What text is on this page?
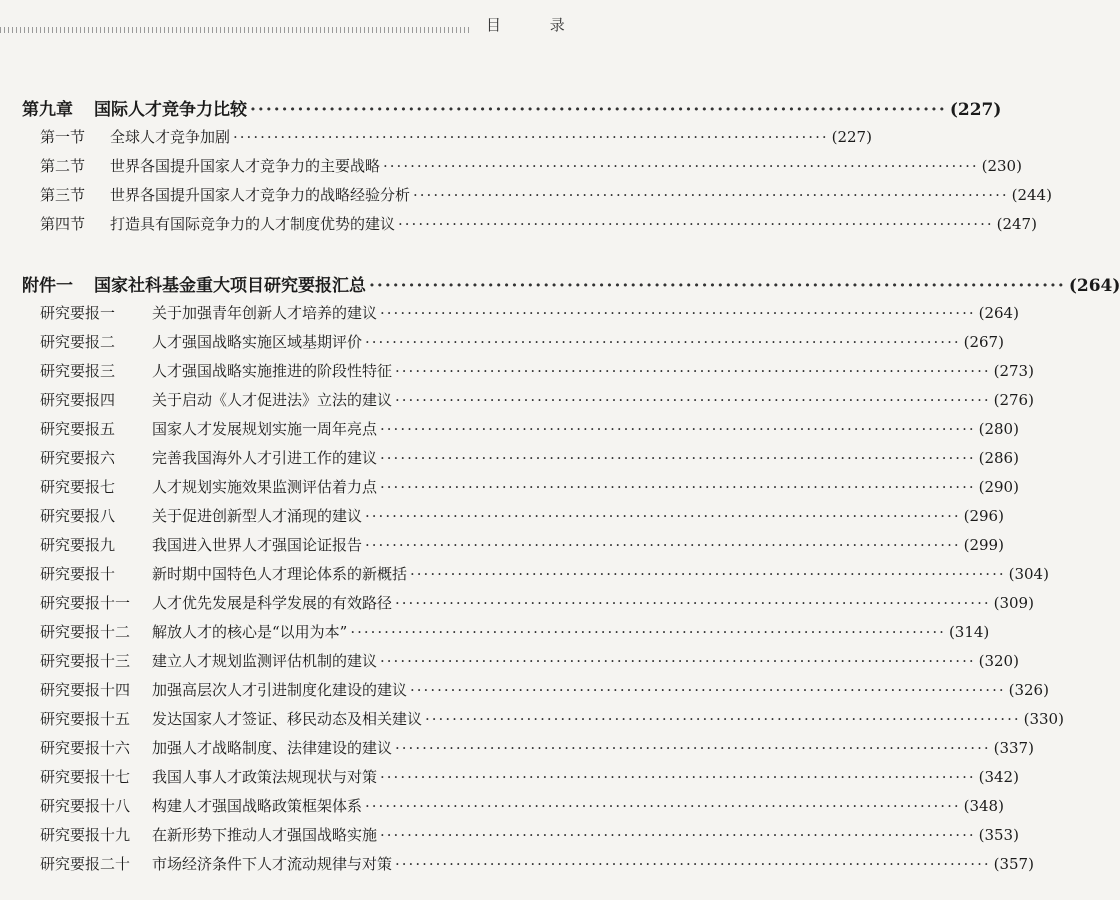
目 录
第九章	国际人才竞争力比较 ························································································ (227)
第一节	全球人才竞争加剧 ························································································ (227)
第二节	世界各国提升国家人才竞争力的主要战略 ························································································ (230)
第三节	世界各国提升国家人才竞争力的战略经验分析 ························································································ (244)
第四节	打造具有国际竞争力的人才制度优势的建议 ························································································ (247)
附件一	国家社科基金重大项目研究要报汇总 ························································································ (264)
研究要报一	关于加强青年创新人才培养的建议 ························································································ (264)
研究要报二	人才强国战略实施区域基期评价 ························································································ (267)
研究要报三	人才强国战略实施推进的阶段性特征 ························································································ (273)
研究要报四	关于启动《人才促进法》立法的建议 ························································································ (276)
研究要报五	国家人才发展规划实施一周年亮点 ························································································ (280)
研究要报六	完善我国海外人才引进工作的建议 ························································································ (286)
研究要报七	人才规划实施效果监测评估着力点 ························································································ (290)
研究要报八	关于促进创新型人才涌现的建议 ························································································ (296)
研究要报九	我国进入世界人才强国论证报告 ························································································ (299)
研究要报十	新时期中国特色人才理论体系的新概括 ························································································ (304)
研究要报十一	人才优先发展是科学发展的有效路径 ························································································ (309)
研究要报十二	解放人才的核心是“以用为本” ························································································ (314)
研究要报十三	建立人才规划监测评估机制的建议 ························································································ (320)
研究要报十四	加强高层次人才引进制度化建设的建议 ························································································ (326)
研究要报十五	发达国家人才签证、移民动态及相关建议 ························································································ (330)
研究要报十六	加强人才战略制度、法律建设的建议 ························································································ (337)
研究要报十七	我国人事人才政策法规现状与对策 ························································································ (342)
研究要报十八	构建人才强国战略政策框架体系 ························································································ (348)
研究要报十九	在新形势下推动人才强国战略实施 ························································································ (353)
研究要报二十	市场经济条件下人才流动规律与对策 ························································································ (357)
